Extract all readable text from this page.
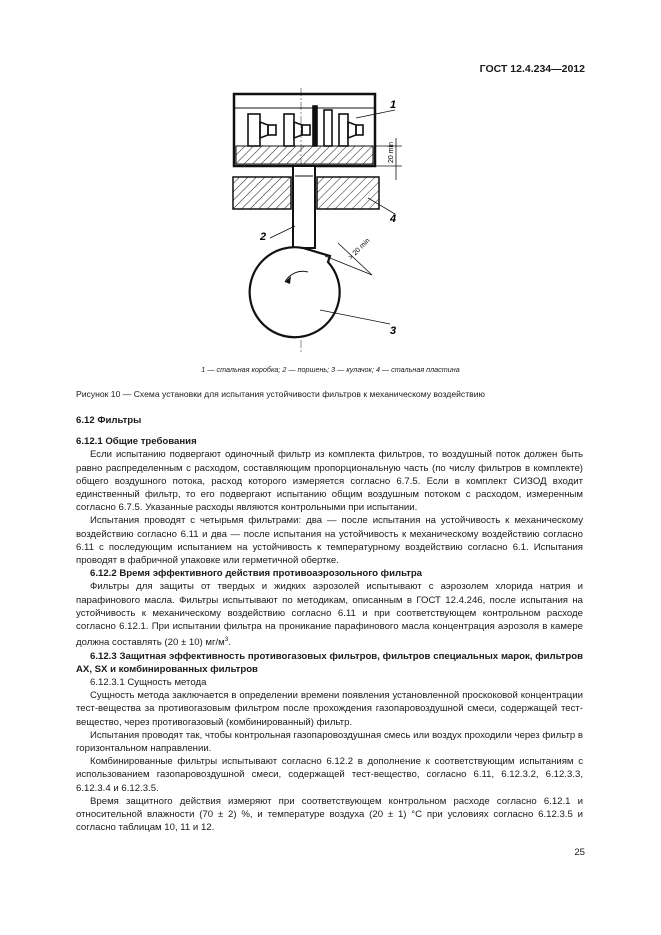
ГОСТ 12.4.234—2012
20 min
> 20 min
1
4
2
3
1 — стальная коробка; 2 — поршень; 3 — кулачок; 4 — стальная пластина
Рисунок 10 — Схема установки для испытания устойчивости фильтров к механическому воздействию

6.12 Фильтры

6.12.1 Общие требования

Если испытанию подвергают одиночный фильтр из комплекта фильтров, то воздушный поток должен быть равно распределенным с расходом, составляющим пропорциональную часть (по числу фильтров в комплекте) общего воздушного потока, расход которого измеряется согласно 6.7.5. Если в комплект СИЗОД входит единственный фильтр, то его подвергают испытанию общим воздушным потоком с расходом, измеренным согласно 6.7.5. Указанные расходы являются контрольными при испытании.

Испытания проводят с четырьмя фильтрами: два — после испытания на устойчивость к механическому воздействию согласно 6.11 и два — после испытания на устойчивость к механическому воздействию согласно 6.11 с последующим испытанием на устойчивость к температурному воздействию согласно 6.1. Испытания проводят в фабричной упаковке или герметичной обертке.

6.12.2 Время эффективного действия противоаэрозольного фильтра

Фильтры для защиты от твердых и жидких аэрозолей испытывают с аэрозолем хлорида натрия и парафинового масла. Фильтры испытывают по методикам, описанным в ГОСТ 12.4.246, после испытания на устойчивость к механическому воздействию согласно 6.11 и при соответствующем контрольном расходе согласно 6.12.1. При испытании фильтра на проникание парафинового масла концентрация аэрозоля в камере должна составлять (20 ± 10) $мг/м^3$.

6.12.3 Защитная эффективность противогазовых фильтров, фильтров специальных марок, фильтров AX, SX и комбинированных фильтров

6.12.3.1 Сущность метода

Сущность метода заключается в определении времени появления установленной проскоковой концентрации тест-вещества за противогазовым фильтром после прохождения газопаровоздушной смеси, содержащей тест-вещество, через противогазовый (комбинированный) фильтр.

Испытания проводят так, чтобы контрольная газопаровоздушная смесь или воздух проходили через фильтр в горизонтальном направлении.

Комбинированные фильтры испытывают согласно 6.12.2 в дополнение к соответствующим испытаниям с использованием газопаровоздушной смеси, содержащей тест-вещество, согласно 6.11, 6.12.3.2, 6.12.3.3, 6.12.3.4 и 6.12.3.5.

Время защитного действия измеряют при соответствующем контрольном расходе согласно 6.12.1 и относительной влажности (70 ± 2) %, и температуре воздуха (20 ± 1) °С при условиях согласно 6.12.3.5 и согласно таблицам 10, 11 и 12.

25
